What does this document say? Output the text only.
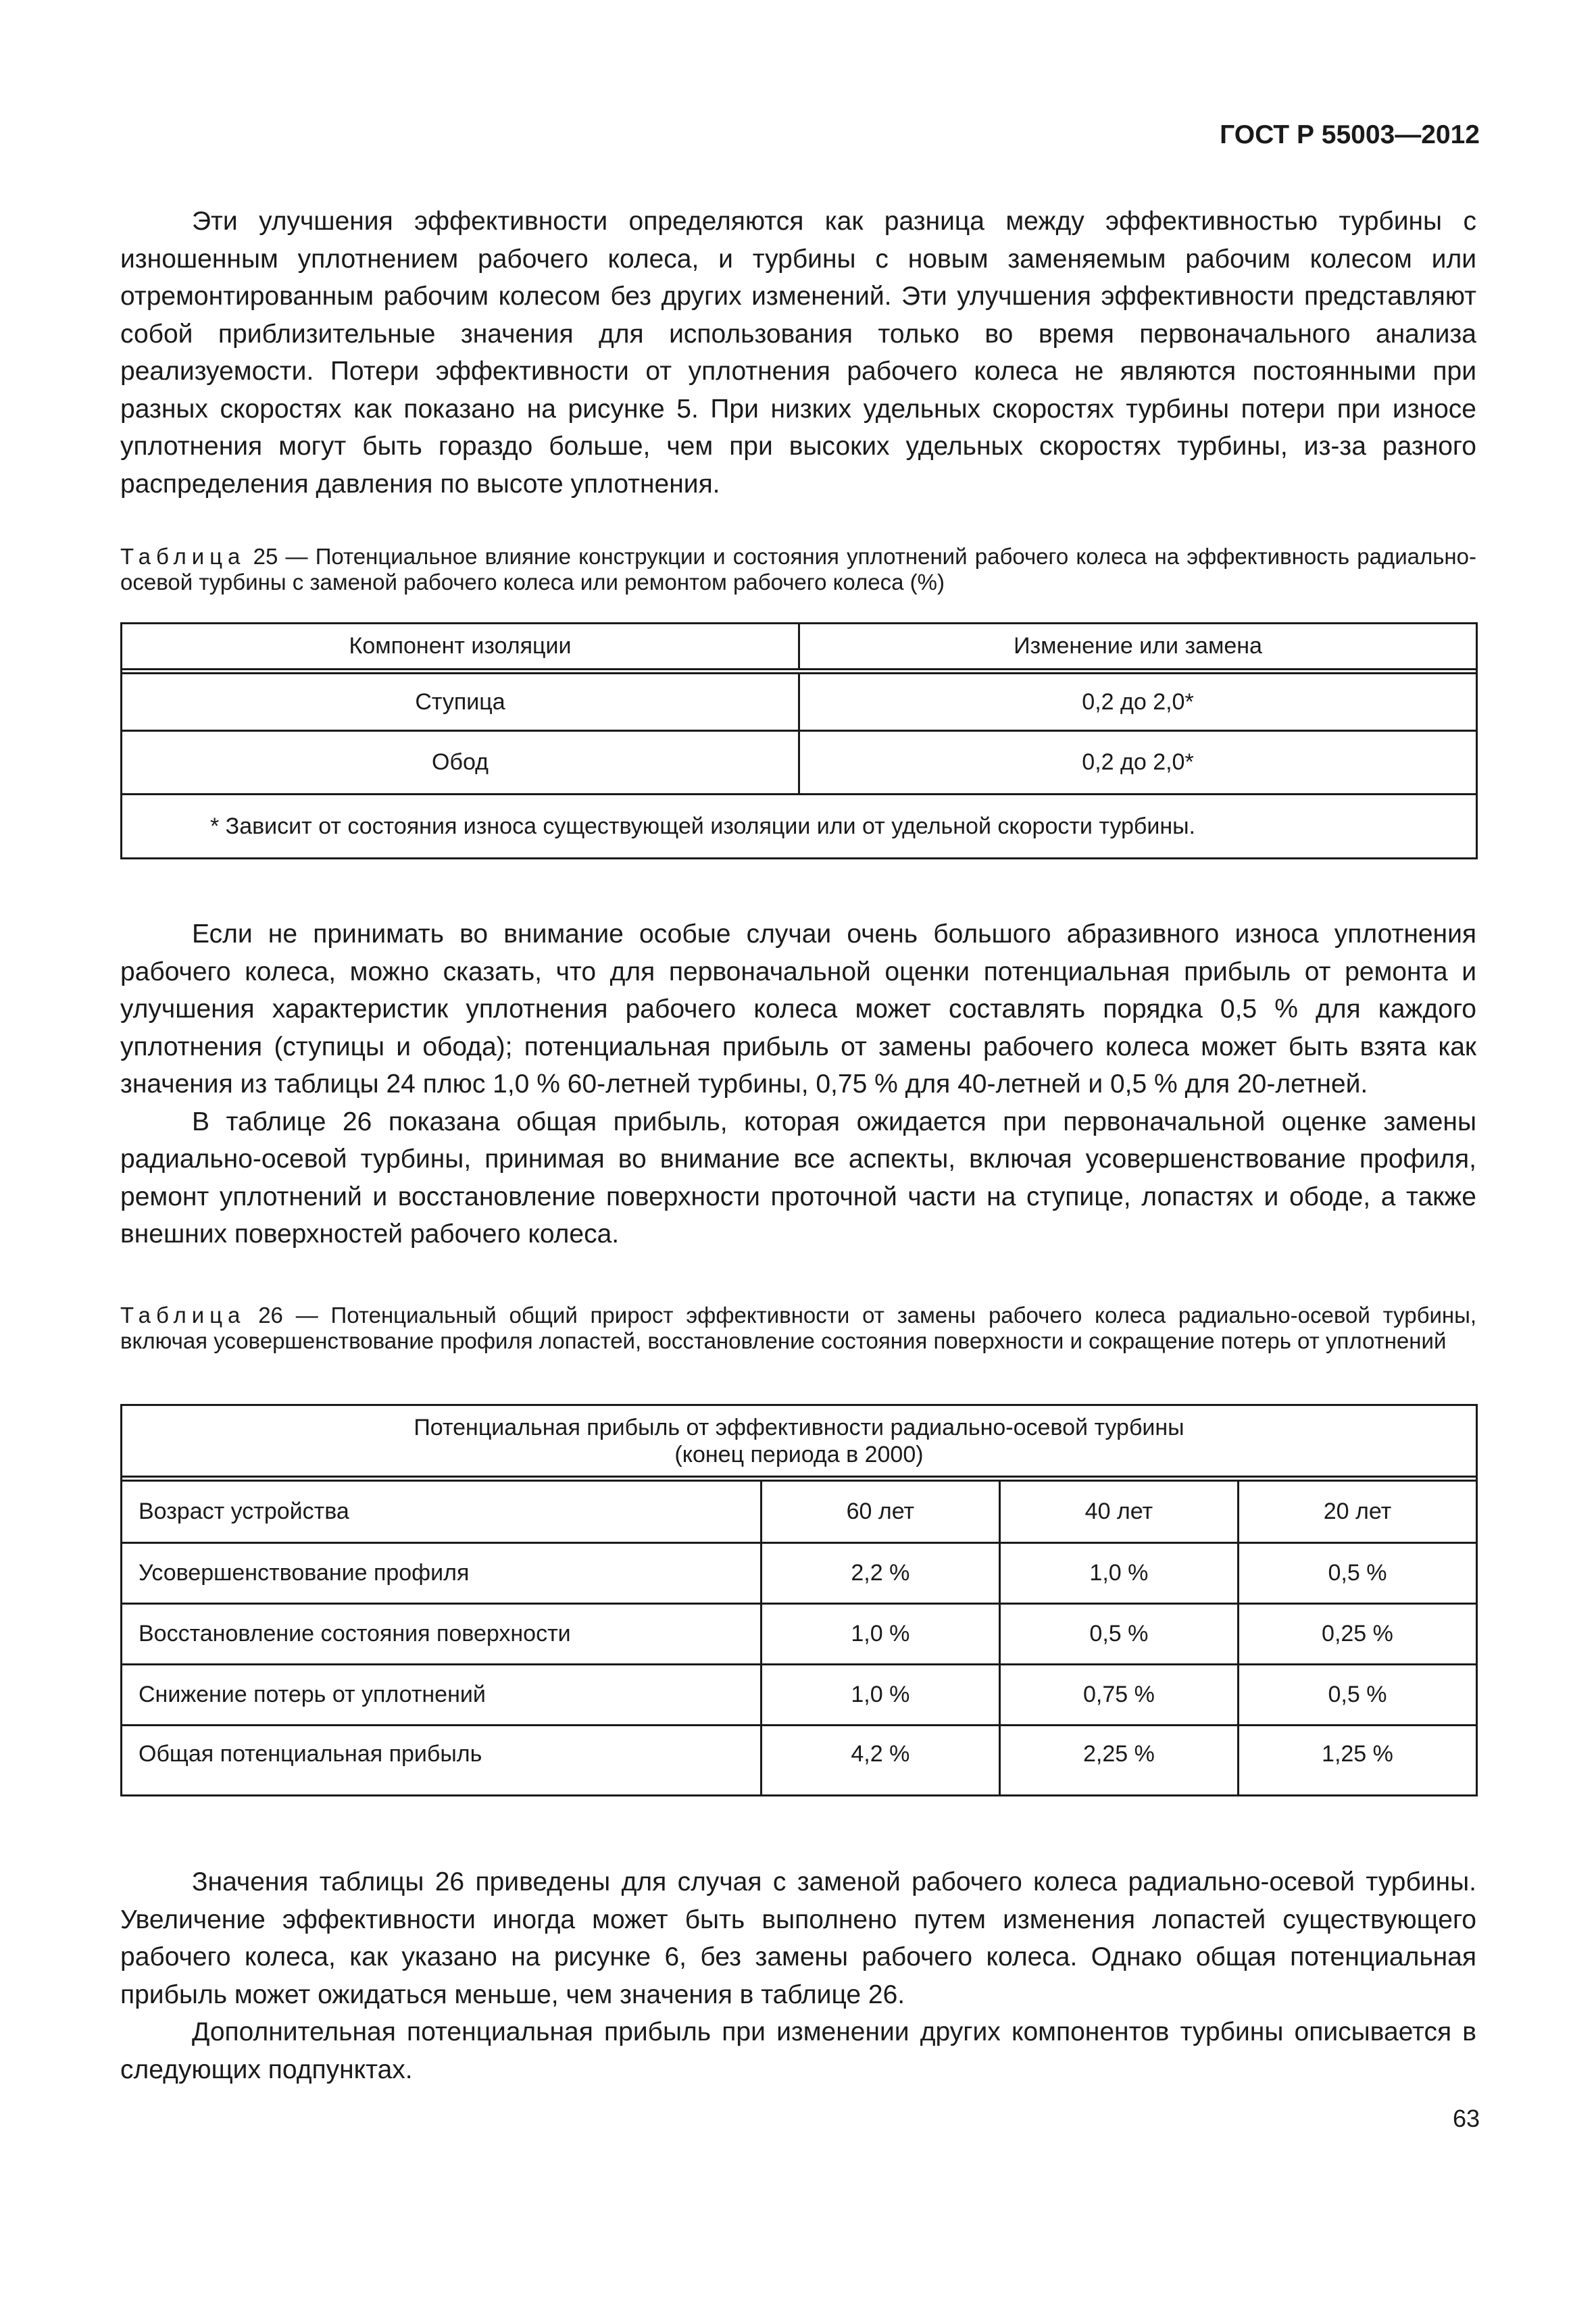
ГОСТ Р 55003—2012

Эти улучшения эффективности определяются как разница между эффективностью турбины с изношенным уплотнением рабочего колеса, и турбины с новым заменяемым рабочим колесом или отремонтированным рабочим колесом без других изменений. Эти улучшения эффективности представляют собой приблизительные значения для использования только во время первоначального анализа реализуемости. Потери эффективности от уплотнения рабочего колеса не являются постоянными при разных скоростях как показано на рисунке 5. При низких удельных скоростях турбины потери при износе уплотнения могут быть гораздо больше, чем при высоких удельных скоростях турбины, из-за разного распределения давления по высоте уплотнения.

Таблица 25 — Потенциальное влияние конструкции и состояния уплотнений рабочего колеса на эффективность радиально-осевой турбины с заменой рабочего колеса или ремонтом рабочего колеса (%)
Компонент изоляции	Изменение или замена

Ступица	0,2 до 2,0*
Обод	0,2 до 2,0*
* Зависит от состояния износа существующей изоляции или от удельной скорости турбины.	

Если не принимать во внимание особые случаи очень большого абразивного износа уплотнения рабочего колеса, можно сказать, что для первоначальной оценки потенциальная прибыль от ремонта и улучшения характеристик уплотнения рабочего колеса может составлять порядка 0,5 % для каждого уплотнения (ступицы и обода); потенциальная прибыль от замены рабочего колеса может быть взята как значения из таблицы 24 плюс 1,0 % 60-летней турбины, 0,75 % для 40-летней и 0,5 % для 20-летней.

В таблице 26 показана общая прибыль, которая ожидается при первоначальной оценке замены радиально-осевой турбины, принимая во внимание все аспекты, включая усовершенствование профиля, ремонт уплотнений и восстановление поверхности проточной части на ступице, лопастях и ободе, а также внешних поверхностей рабочего колеса.

Таблица 26 — Потенциальный общий прирост эффективности от замены рабочего колеса радиально-осевой турбины, включая усовершенствование профиля лопастей, восстановление состояния поверхности и сокращение потерь от уплотнений
Потенциальная прибыль от эффективности радиально-осевой турбины
(конец периода в 2000)			

Возраст устройства	60 лет	40 лет	20 лет
Усовершенствование профиля	2,2 %	1,0 %	0,5 %
Восстановление состояния поверхности	1,0 %	0,5 %	0,25 %
Снижение потерь от уплотнений	1,0 %	0,75 %	0,5 %
Общая потенциальная прибыль	4,2 %	2,25 %	1,25 %

Значения таблицы 26 приведены для случая с заменой рабочего колеса радиально-осевой турбины. Увеличение эффективности иногда может быть выполнено путем изменения лопастей существующего рабочего колеса, как указано на рисунке 6, без замены рабочего колеса. Однако общая потенциальная прибыль может ожидаться меньше, чем значения в таблице 26.

Дополнительная потенциальная прибыль при изменении других компонентов турбины описывается в следующих подпунктах.

63
